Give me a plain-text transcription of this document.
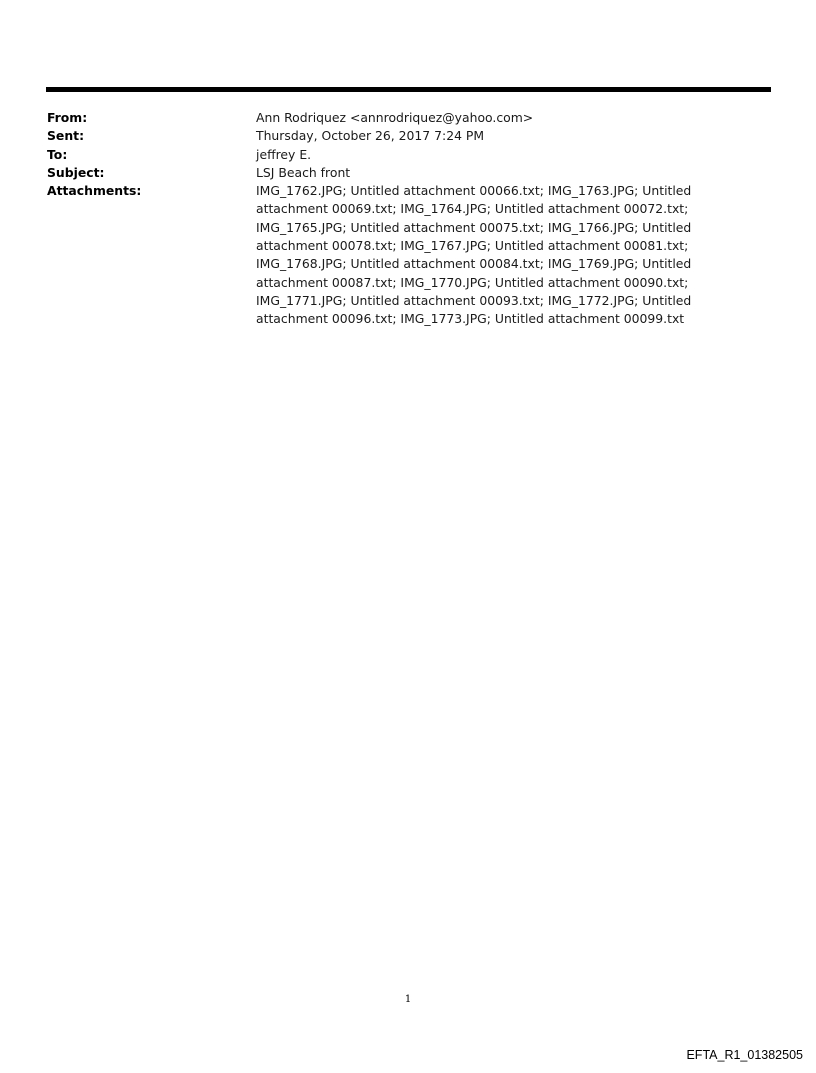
From:	Ann Rodriquez <annrodriquez@yahoo.com>
Sent:	Thursday, October 26, 2017 7:24 PM
To:	jeffrey E.
Subject:	LSJ Beach front
Attachments:	IMG_1762.JPG; Untitled attachment 00066.txt; IMG_1763.JPG; Untitled attachment 00069.txt; IMG_1764.JPG; Untitled attachment 00072.txt; IMG_1765.JPG; Untitled attachment 00075.txt; IMG_1766.JPG; Untitled attachment 00078.txt; IMG_1767.JPG; Untitled attachment 00081.txt; IMG_1768.JPG; Untitled attachment 00084.txt; IMG_1769.JPG; Untitled attachment 00087.txt; IMG_1770.JPG; Untitled attachment 00090.txt; IMG_1771.JPG; Untitled attachment 00093.txt; IMG_1772.JPG; Untitled attachment 00096.txt; IMG_1773.JPG; Untitled attachment 00099.txt
1
EFTA_R1_01382505
